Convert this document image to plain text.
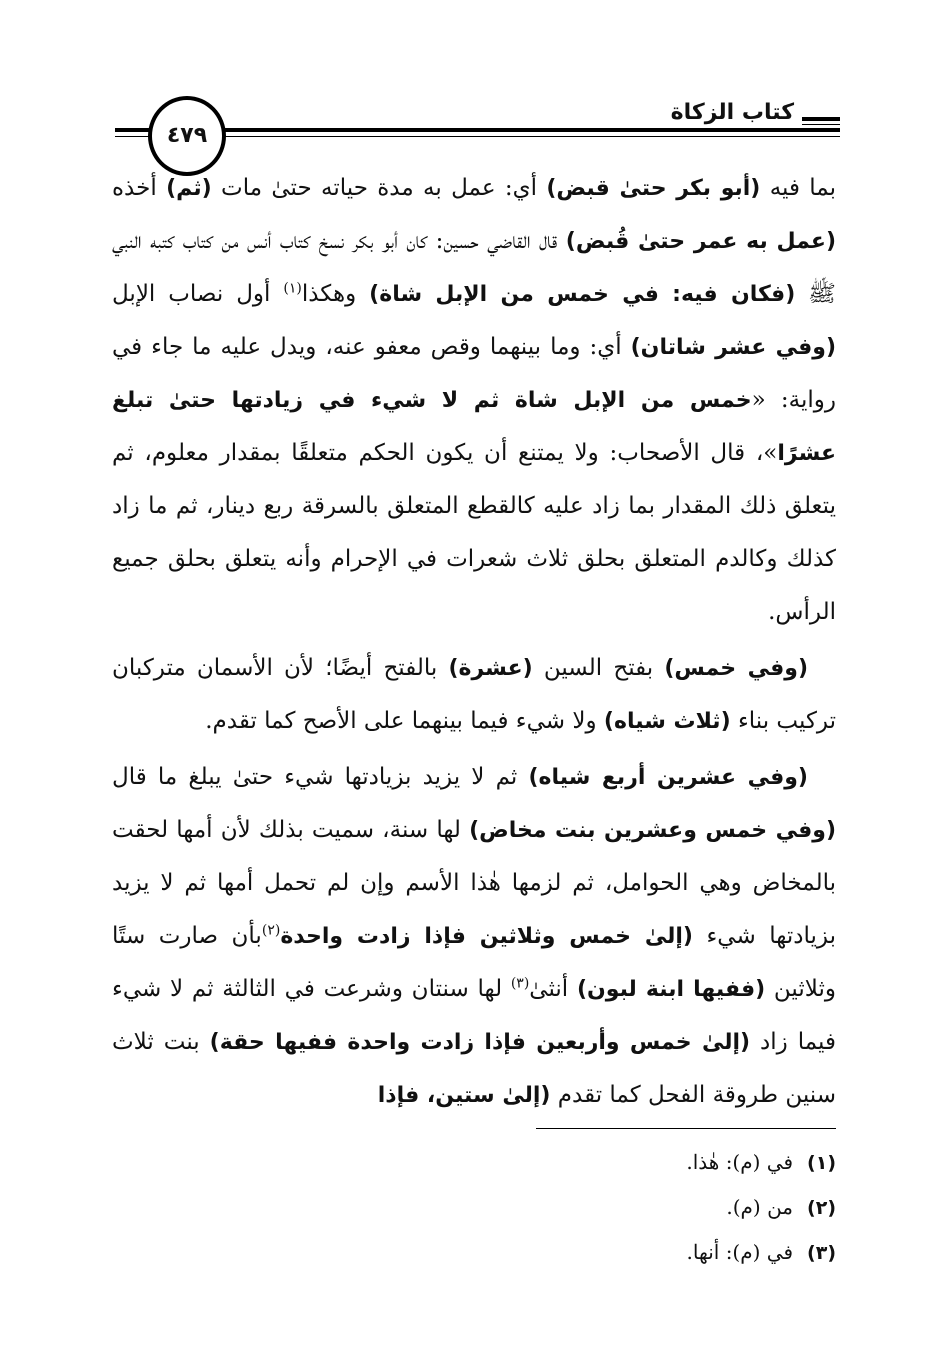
كتاب الزكاة
٤٧٩

بما فيه (أبو بكر حتىٰ قبض) أي: عمل به مدة حياته حتىٰ مات (ثم) أخذه (عمل به عمر حتىٰ قُبض) قال القاضي حسين: كان أبو بكر نسخ كتاب أنس من كتاب كتبه النبي ﷺ (فكان فيه: في خمس من الإبل شاة) وهكذا$^{(١)}$ أول نصاب الإبل (وفي عشر شاتان) أي: وما بينهما وقص معفو عنه، ويدل عليه ما جاء في رواية: «خمس من الإبل شاة ثم لا شيء في زيادتها حتىٰ تبلغ عشرًا»، قال الأصحاب: ولا يمتنع أن يكون الحكم متعلقًا بمقدار معلوم، ثم يتعلق ذلك المقدار بما زاد عليه كالقطع المتعلق بالسرقة ربع دينار، ثم ما زاد كذلك وكالدم المتعلق بحلق ثلاث شعرات في الإحرام وأنه يتعلق بحلق جميع الرأس.

(وفي خمس) بفتح السين (عشرة) بالفتح أيضًا؛ لأن الأسمان متركبان تركيب بناء (ثلاث شياه) ولا شيء فيما بينهما على الأصح كما تقدم.

(وفي عشرين أربع شياه) ثم لا يزيد بزيادتها شيء حتىٰ يبلغ ما قال (وفي خمس وعشرين بنت مخاض) لها سنة، سميت بذلك لأن أمها لحقت بالمخاض وهي الحوامل، ثم لزمها هٰذا الأسم وإن لم تحمل أمها ثم لا يزيد بزيادتها شيء (إلىٰ خمس وثلاثين فإذا زادت واحدة$^{(٢)}$بأن صارت ستًا وثلاثين (ففيها ابنة لبون) أنثىٰ$^{(٣)}$ لها سنتان وشرعت في الثالثة ثم لا شيء فيما زاد (إلىٰ خمس وأربعين فإذا زادت واحدة ففيها حقة) بنت ثلاث سنين طروقة الفحل كما تقدم (إلىٰ ستين، فإذا

(١)في (م): هٰذا.
(٢)من (م).
(٣)في (م): أنها.
